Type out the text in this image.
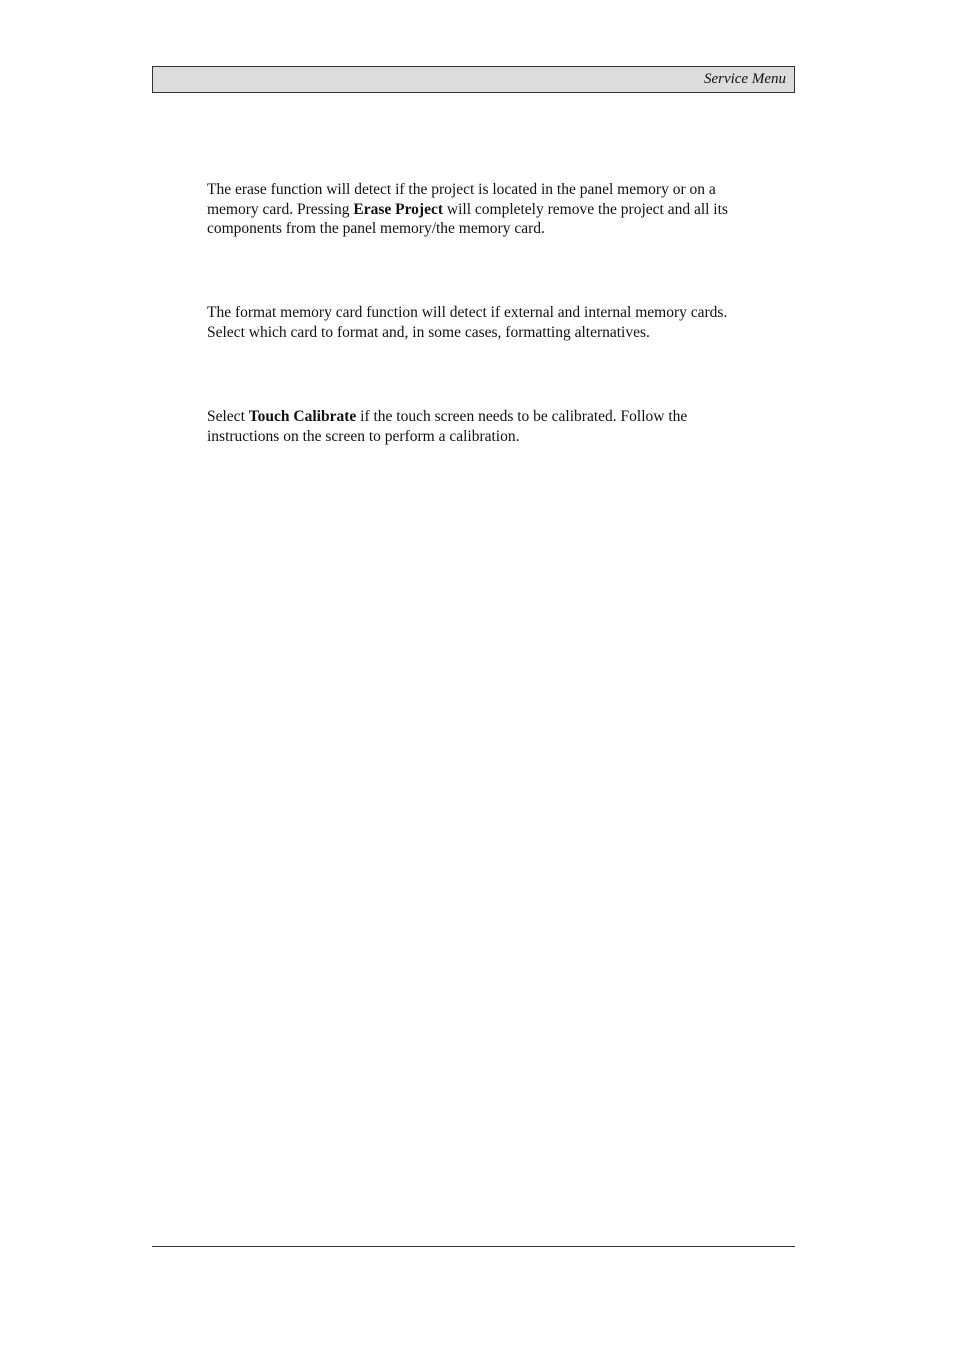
Service Menu

The erase function will detect if the project is located in the panel memory or on a memory card. Pressing Erase Project will completely remove the project and all its components from the panel memory/the memory card.

The format memory card function will detect if external and internal memory cards. Select which card to format and, in some cases, formatting alternatives.

Select Touch Calibrate if the touch screen needs to be calibrated. Follow the instructions on the screen to perform a calibration.
